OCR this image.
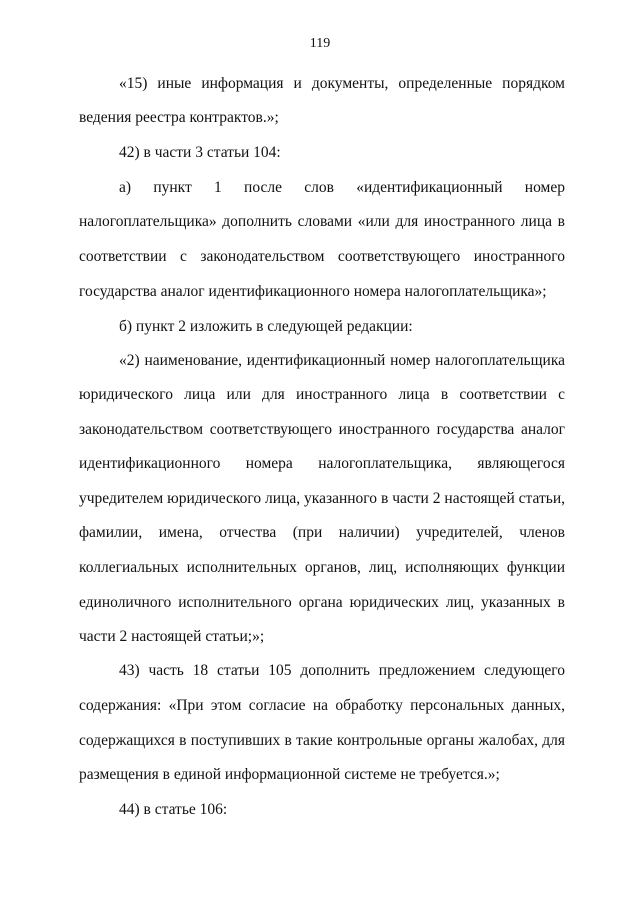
119
«15) иные информация и документы, определенные порядком
ведения реестра контрактов.»;
42) в части 3 статьи 104:
а) пункт 1 после слов «идентификационный номер
налогоплательщика» дополнить словами «или для иностранного лица в
соответствии с законодательством соответствующего иностранного
государства аналог идентификационного номера налогоплательщика»;
б) пункт 2 изложить в следующей редакции:
«2) наименование, идентификационный номер налогоплательщика
юридического лица или для иностранного лица в соответствии с
законодательством соответствующего иностранного государства аналог
идентификационного номера налогоплательщика, являющегося
учредителем юридического лица, указанного в части 2 настоящей статьи,
фамилии, имена, отчества (при наличии) учредителей, членов
коллегиальных исполнительных органов, лиц, исполняющих функции
единоличного исполнительного органа юридических лиц, указанных в
части 2 настоящей статьи;»;
43) часть 18 статьи 105 дополнить предложением следующего
содержания: «При этом согласие на обработку персональных данных,
содержащихся в поступивших в такие контрольные органы жалобах, для
размещения в единой информационной системе не требуется.»;
44) в статье 106:
